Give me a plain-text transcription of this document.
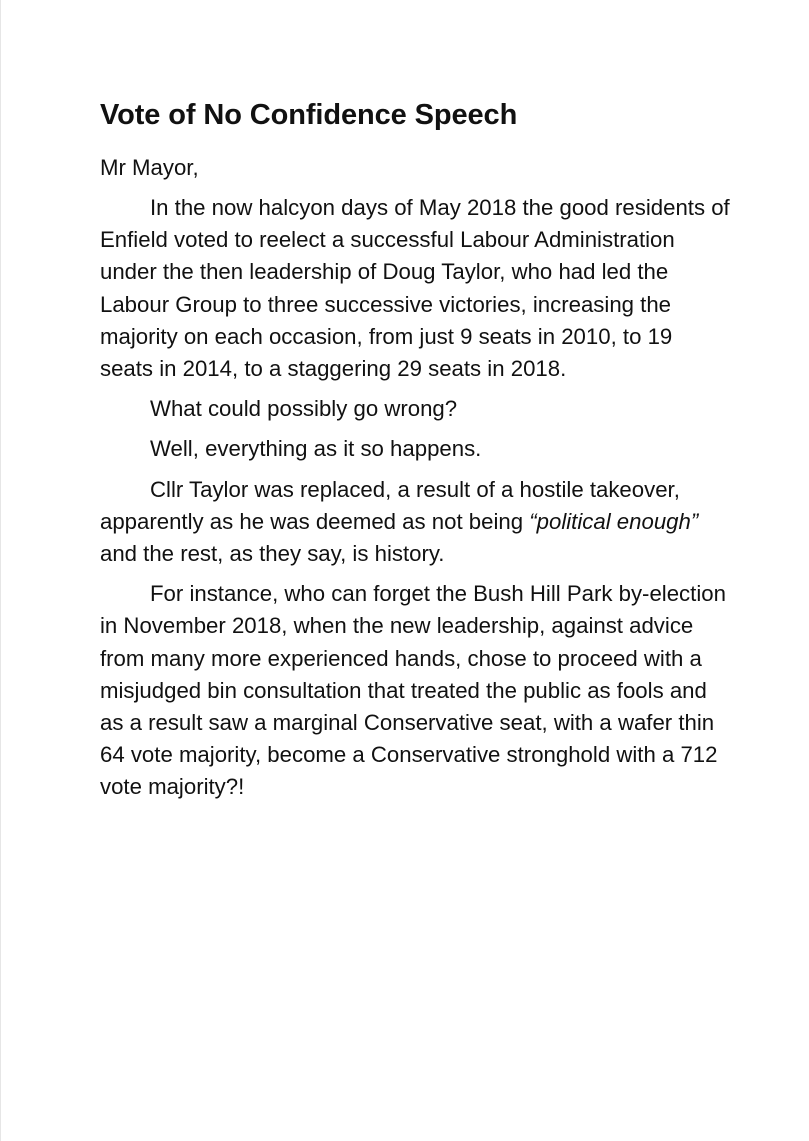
Vote of No Confidence Speech

Mr Mayor,

In the now halcyon days of May 2018 the good residents of Enfield voted to reelect a successful Labour Administration under the then leadership of Doug Taylor, who had led the Labour Group to three successive victories, increasing the majority on each occasion, from just 9 seats in 2010, to 19 seats in 2014, to a staggering 29 seats in 2018.

What could possibly go wrong?

Well, everything as it so happens.

Cllr Taylor was replaced, a result of a hostile takeover, apparently as he was deemed as not being “political enough” and the rest, as they say, is history.

For instance, who can forget the Bush Hill Park by-election in November 2018, when the new leadership, against advice from many more experienced hands, chose to proceed with a misjudged bin consultation that treated the public as fools and as a result saw a marginal Conservative seat, with a wafer thin 64 vote majority, become a Conservative stronghold with a 712 vote majority?!
